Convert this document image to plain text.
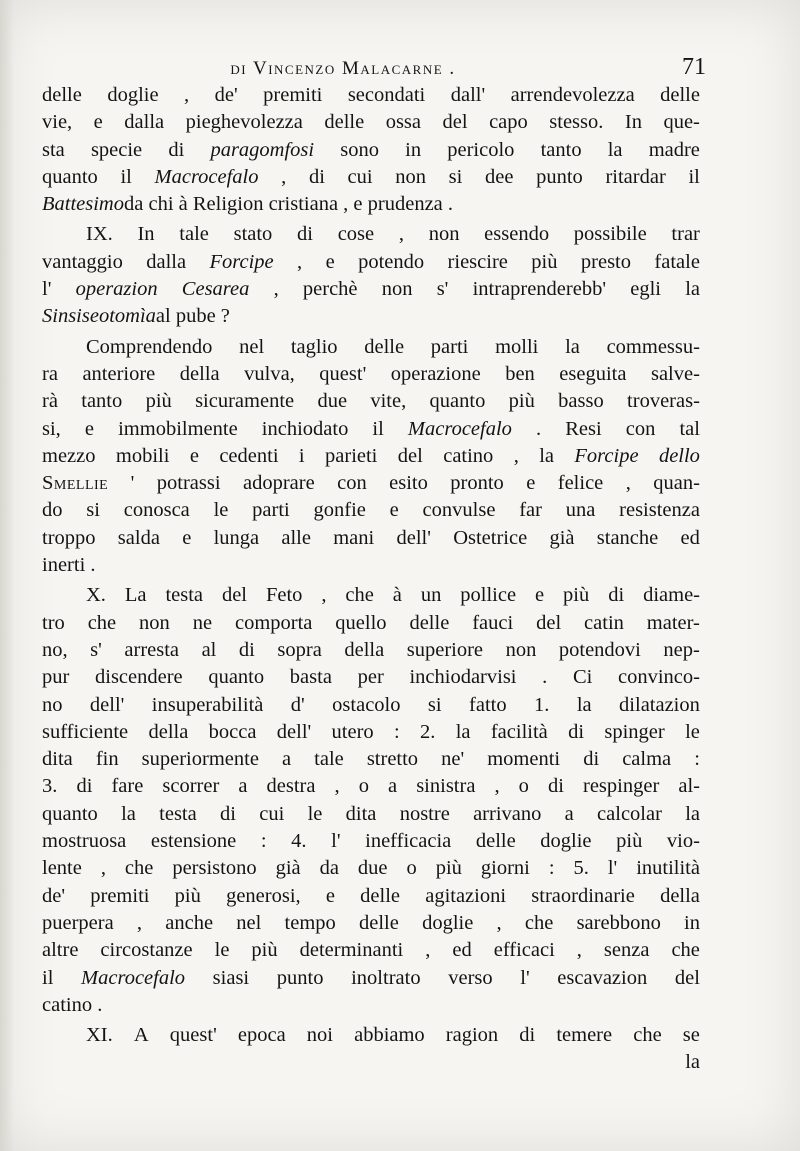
di Vincenzo Malacarne .	71
delle doglie , de' premiti secondati dall' arrendevolezza delle
vie, e dalla pieghevolezza delle ossa del capo stesso. In que-
sta specie di paragomfosi sono in pericolo tanto la madre
quanto il Macrocefalo , di cui non si dee punto ritardar il
Battesimo da chi à Religion cristiana , e prudenza .
IX. In tale stato di cose , non essendo possibile trar
vantaggio dalla Forcipe , e potendo riescire più presto fatale
l' operazion Cesarea , perchè non s' intraprenderebb' egli la
Sinsiseotomìa al pube ?
Comprendendo nel taglio delle parti molli la commessu-
ra anteriore della vulva, quest' operazione ben eseguita salve-
rà tanto più sicuramente due vite, quanto più basso troveras-
si, e immobilmente inchiodato il Macrocefalo . Resi con tal
mezzo mobili e cedenti i parieti del catino , la Forcipe dello
Smellie ' potrassi adoprare con esito pronto e felice , quan-
do si conosca le parti gonfie e convulse far una resistenza
troppo salda e lunga alle mani dell' Ostetrice già stanche ed
inerti .
X. La testa del Feto , che à un pollice e più di diame-
tro che non ne comporta quello delle fauci del catin mater-
no, s' arresta al di sopra della superiore non potendovi nep-
pur discendere quanto basta per inchiodarvisi . Ci convinco-
no dell' insuperabilità d' ostacolo si fatto 1. la dilatazion
sufficiente della bocca dell' utero : 2. la facilità di spinger le
dita fin superiormente a tale stretto ne' momenti di calma :
3. di fare scorrer a destra , o a sinistra , o di respinger al-
quanto la testa di cui le dita nostre arrivano a calcolar la
mostruosa estensione : 4. l' inefficacia delle doglie più vio-
lente , che persistono già da due o più giorni : 5. l' inutilità
de' premiti più generosi, e delle agitazioni straordinarie della
puerpera , anche nel tempo delle doglie , che sarebbono in
altre circostanze le più determinanti , ed efficaci , senza che
il Macrocefalo siasi punto inoltrato verso l' escavazion del
catino .
XI. A quest' epoca noi abbiamo ragion di temere che se
la
